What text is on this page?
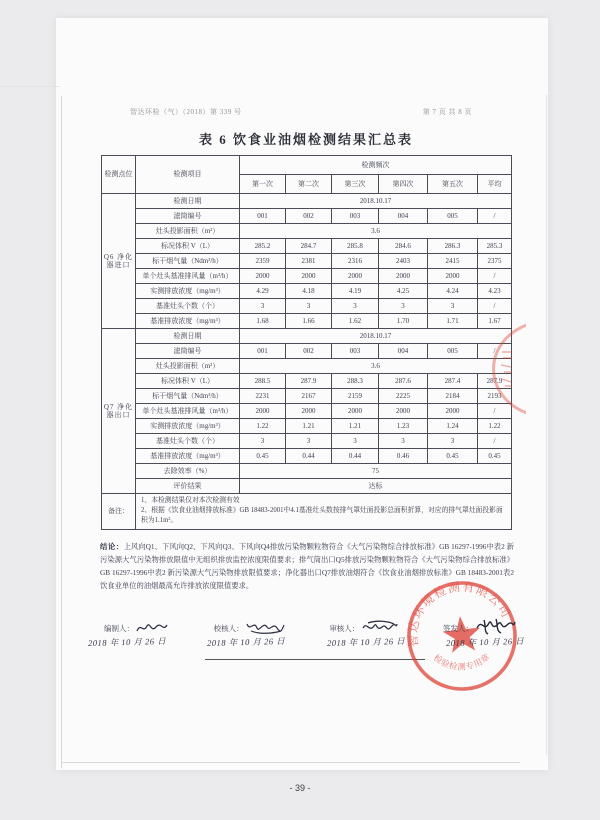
智达环检（气）（2018）第 339 号	第 7 页 共 8 页
表 6 饮食业油烟检测结果汇总表
检测点位	检测项目	检测频次					
		第一次	第二次	第三次	第四次	第五次	平均
Q6 净化器进口	检测日期	2018.10.17					
	滤筒编号	001	002	003	004	005	/
	灶头投影面积（m²）	3.6					
	标况体积 V（L）	285.2	284.7	285.8	284.6	286.3	285.3
	标干烟气量（Ndm³/h）	2359	2381	2316	2403	2415	2375
	单个灶头基准排风量（m³/h）	2000	2000	2000	2000	2000	/
	实测排放浓度（mg/m³）	4.29	4.18	4.19	4.25	4.24	4.23
	基准灶头个数（个）	3	3	3	3	3	/
	基准排放浓度（mg/m³）	1.68	1.66	1.62	1.70	1.71	1.67
Q7 净化器出口	检测日期	2018.10.17					
	滤筒编号	001	002	003	004	005	/
	灶头投影面积（m²）	3.6					
	标况体积 V（L）	288.5	287.9	288.3	287.6	287.4	287.9
	标干烟气量（Ndm³/h）	2231	2167	2159	2225	2184	2193
	单个灶头基准排风量（m³/h）	2000	2000	2000	2000	2000	/
	实测排放浓度（mg/m³）	1.22	1.21	1.21	1.23	1.24	1.22
	基准灶头个数（个）	3	3	3	3	3	/
	基准排放浓度（mg/m³）	0.45	0.44	0.44	0.46	0.45	0.45
	去除效率（%）	75					
	评价结果	达标					
备注：	1、本检测结果仅对本次检测有效
2、根据《饮食业油烟排放标准》GB 18483-2001中4.1基准灶头数按排气罩灶面投影总面积折算，对应的排气罩灶面投影面积为1.1m²。						
结论：上风向Q1、下风向Q2、下风向Q3、下风向Q4排放污染物颗粒物符合《大气污染物综合排放标准》GB 16297-1996中表2 新污染源大气污染物排放限值中无组织排放监控浓度限值要求；排气筒出口Q5排放污染物颗粒物符合《大气污染物综合排放标准》GB 16297-1996中表2 新污染源大气污染物排放限值要求；净化器出口Q7排放油烟符合《饮食业油烟排放标准》GB 18483-2001表2 饮食业单位的油烟最高允许排放浓度限值要求。
编制人：	校核人：	审核人：	签发人：
2018 年 10 月 26 日	2018 年 10 月 26 日	2018 年 10 月 26 日	2018 年 10 月 26 日
智达环境检测有限公司
检验检测专用章
- 39 -
